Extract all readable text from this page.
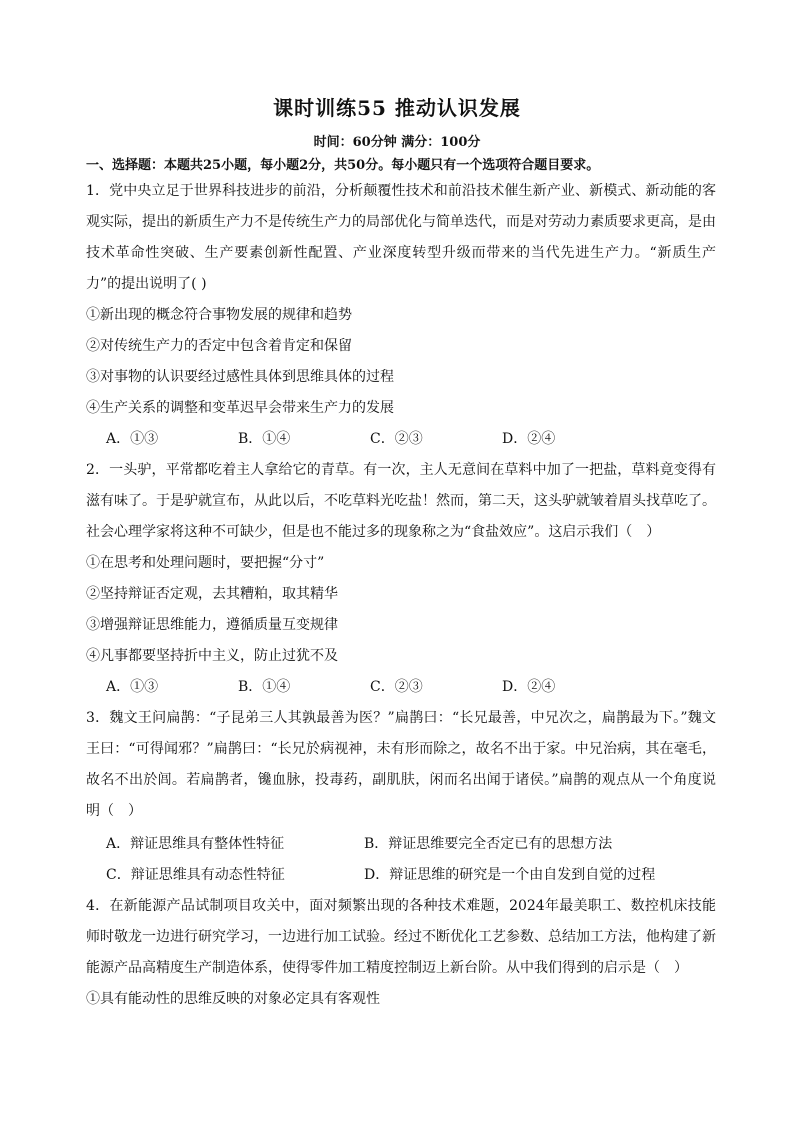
课时训练55 推动认识发展
时间：60分钟 满分：100分
一、选择题：本题共25小题，每小题2分，共50分。每小题只有一个选项符合题目要求。
1．党中央立足于世界科技进步的前沿，分析颠覆性技术和前沿技术催生新产业、新模式、新动能的客观实际，提出的新质生产力不是传统生产力的局部优化与简单迭代，而是对劳动力素质要求更高，是由技术革命性突破、生产要素创新性配置、产业深度转型升级而带来的当代先进生产力。“新质生产力”的提出说明了( )
①新出现的概念符合事物发展的规律和趋势
②对传统生产力的否定中包含着肯定和保留
③对事物的认识要经过感性具体到思维具体的过程
④生产关系的调整和变革迟早会带来生产力的发展
A．①③	B．①④	C．②③	D．②④
2．一头驴，平常都吃着主人拿给它的青草。有一次，主人无意间在草料中加了一把盐，草料竟变得有滋有味了。于是驴就宣布，从此以后，不吃草料光吃盐！然而，第二天，这头驴就皱着眉头找草吃了。社会心理学家将这种不可缺少，但是也不能过多的现象称之为“食盐效应”。这启示我们（　）
①在思考和处理问题时，要把握“分寸”
②坚持辩证否定观，去其糟粕，取其精华
③增强辩证思维能力，遵循质量互变规律
④凡事都要坚持折中主义，防止过犹不及
A．①③	B．①④	C．②③	D．②④
3．魏文王问扁鹊：“子昆弟三人其孰最善为医？”扁鹊曰：“长兄最善，中兄次之，扁鹊最为下。”魏文王曰：“可得闻邪？”扁鹊曰：“长兄於病视神，未有形而除之，故名不出于家。中兄治病，其在毫毛，故名不出於闾。若扁鹊者，镵血脉，投毒药，副肌肤，闲而名出闻于诸侯。”扁鹊的观点从一个角度说明（　）
A．辩证思维具有整体性特征	B．辩证思维要完全否定已有的思想方法
C．辩证思维具有动态性特征	D．辩证思维的研究是一个由自发到自觉的过程
4．在新能源产品试制项目攻关中，面对频繁出现的各种技术难题，2024年最美职工、数控机床技能师时敬龙一边进行研究学习，一边进行加工试验。经过不断优化工艺参数、总结加工方法，他构建了新能源产品高精度生产制造体系，使得零件加工精度控制迈上新台阶。从中我们得到的启示是（　）
①具有能动性的思维反映的对象必定具有客观性
